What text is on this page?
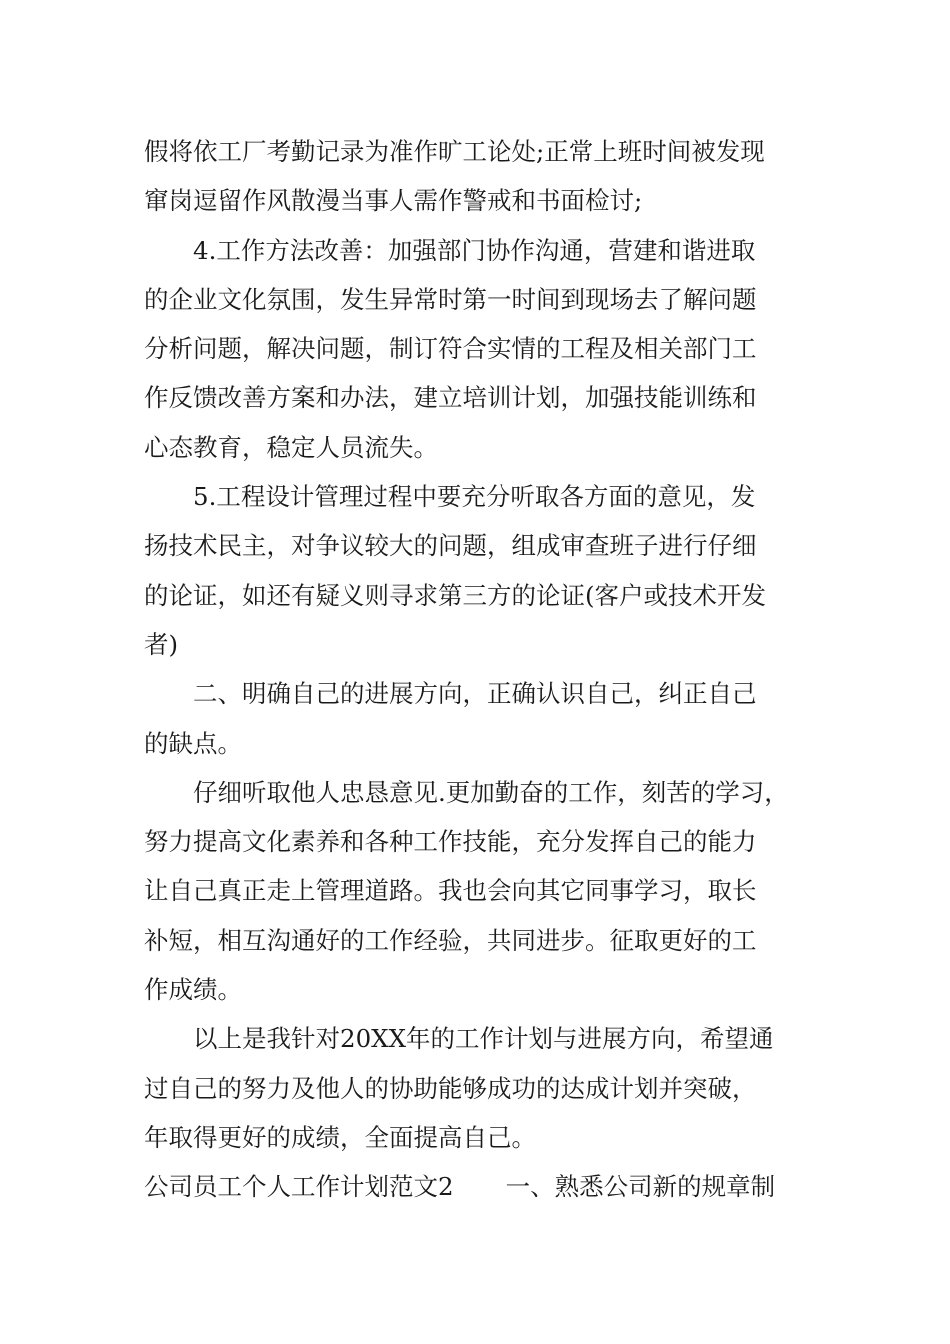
假将依工厂考勤记录为准作旷工论处;正常上班时间被发现
窜岗逗留作风散漫当事人需作警戒和书面检讨;
4.工作方法改善：加强部门协作沟通，营建和谐进取
的企业文化氛围，发生异常时第一时间到现场去了解问题
分析问题，解决问题，制订符合实情的工程及相关部门工
作反馈改善方案和办法，建立培训计划，加强技能训练和
心态教育，稳定人员流失。
5.工程设计管理过程中要充分听取各方面的意见，发
扬技术民主，对争议较大的问题，组成审查班子进行仔细
的论证，如还有疑义则寻求第三方的论证(客户或技术开发
者)
二、明确自己的进展方向，正确认识自己，纠正自己
的缺点。
仔细听取他人忠恳意见.更加勤奋的工作，刻苦的学习，
努力提高文化素养和各种工作技能，充分发挥自己的能力
让自己真正走上管理道路。我也会向其它同事学习，取长
补短，相互沟通好的工作经验，共同进步。征取更好的工
作成绩。
以上是我针对20XX年的工作计划与进展方向，希望通
过自己的努力及他人的协助能够成功的达成计划并突破，
年取得更好的成绩，全面提高自己。
公司员工个人工作计划范文2 一、熟悉公司新的规章制
